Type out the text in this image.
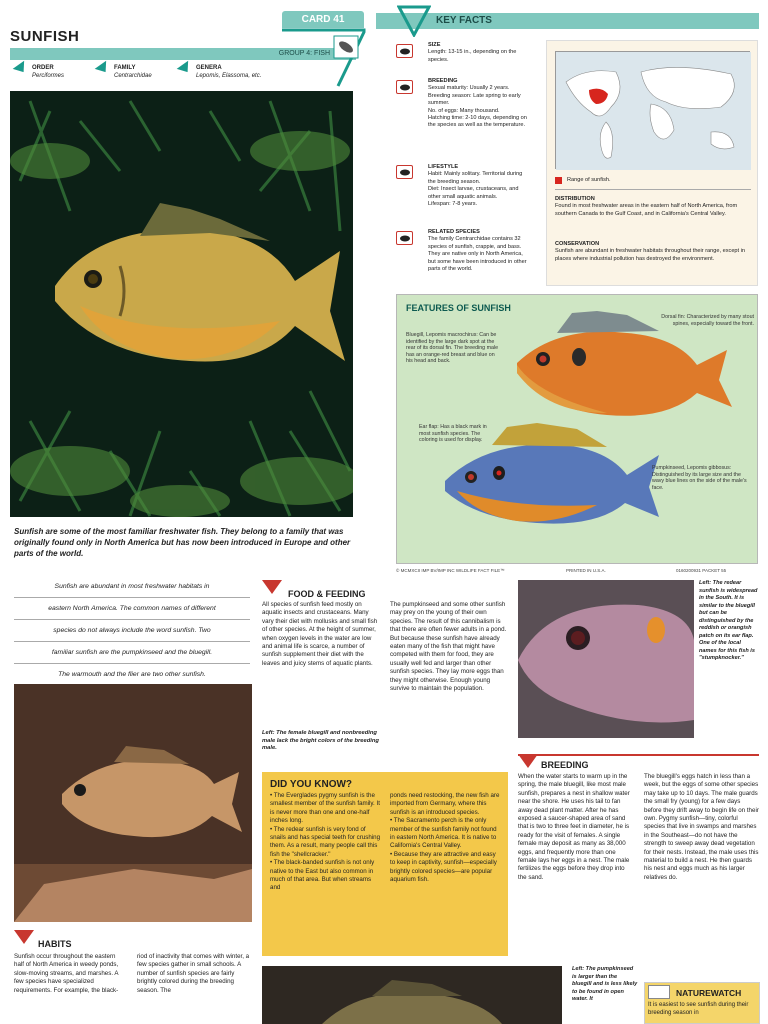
CARD 41
SUNFISH
GROUP 4: FISH
ORDER
Perciformes
FAMILY
Centrarchidae
GENERA
Lepomis, Elassoma, etc.
Sunfish are some of the most familiar freshwater fish. They belong to a family that was originally found only in North America but has now been introduced in Europe and other parts of the world.
KEY FACTS
SIZE
Length: 13-15 in., depending on the species.
BREEDING
Sexual maturity: Usually 2 years.
Breeding season: Late spring to early summer.
No. of eggs: Many thousand.
Hatching time: 2-10 days, depending on the species as well as the temperature.
LIFESTYLE
Habit: Mainly solitary. Territorial during the breeding season.
Diet: Insect larvae, crustaceans, and other small aquatic animals.
Lifespan: 7-8 years.
RELATED SPECIES
The family Centrarchidae contains 32 species of sunfish, crappie, and bass. They are native only in North America, but some have been introduced in other parts of the world.
Range of sunfish.
DISTRIBUTION
Found in most freshwater areas in the eastern half of North America, from southern Canada to the Gulf Coast, and in California's Central Valley.
CONSERVATION
Sunfish are abundant in freshwater habitats throughout their range, except in places where industrial pollution has destroyed the environment.
FEATURES OF SUNFISH
Bluegill, Lepomis macrochirus: Can be identified by the large dark spot at the rear of its dorsal fin. The breeding male has an orange-red breast and blue on his head and back.
Dorsal fin: Characterized by many stout spines, especially toward the front.
Ear flap: Has a black mark in most sunfish species. The coloring is used for display.
Pumpkinseed, Lepomis gibbosus: Distinguished by its large size and the wavy blue lines on the side of the male's face.
© MCMXCII IMP BV/IMP INC WILDLIFE FACT FILE™	PRINTED IN U.S.A.	0160200931 PACKET 55
Sunfish are abundant in most freshwater habitats in
eastern North America. The common names of different
species do not always include the word sunfish. Two
familiar sunfish are the pumpkinseed and the bluegill.
The warmouth and the flier are two other sunfish.
HABITS
Sunfish occur throughout the eastern half of North America in weedy ponds, slow-moving streams, and marshes. A few species have specialized requirements. For example, the black-
riod of inactivity that comes with winter, a few species gather in small schools. A number of sunfish species are fairly brightly colored during the breeding season. The
FOOD & FEEDING
All species of sunfish feed mostly on aquatic insects and crustaceans. Many vary their diet with mollusks and small fish of other species. At the height of summer, when oxygen levels in the water are low and animal life is scarce, a number of sunfish supplement their diet with the leaves and juicy stems of aquatic plants.
Left: The female bluegill and nonbreeding male lack the bright colors of the breeding male.
The pumpkinseed and some other sunfish may prey on the young of their own species. The result of this cannibalism is that there are often fewer adults in a pond. But because these sunfish have already eaten many of the fish that might have competed with them for food, they are usually well fed and larger than other sunfish species. They lay more eggs than they might otherwise. Enough young survive to maintain the population.
Left: The redear sunfish is widespread in the South. It is similar to the bluegill but can be distinguished by the reddish or orangish patch on its ear flap. One of the local names for this fish is "stumpknocker."
DID YOU KNOW?
• The Everglades pygmy sunfish is the smallest member of the sunfish family. It is never more than one and one-half inches long.
• The redear sunfish is very fond of snails and has special teeth for crushing them. As a result, many people call this fish the "shellcracker."
• The black-banded sunfish is not only native to the East but also common in much of that area. But when streams and
ponds need restocking, the new fish are imported from Germany, where this sunfish is an introduced species.
• The Sacramento perch is the only member of the sunfish family not found in eastern North America. It is native to California's Central Valley.
• Because they are attractive and easy to keep in captivity, sunfish—especially brightly colored species—are popular aquarium fish.
BREEDING
When the water starts to warm up in the spring, the male bluegill, like most male sunfish, prepares a nest in shallow water near the shore. He uses his tail to fan away dead plant matter. After he has exposed a saucer-shaped area of sand that is two to three feet in diameter, he is ready for the visit of females. A single female may deposit as many as 38,000 eggs, and frequently more than one female lays her eggs in a nest. The male fertilizes the eggs before they drop into the sand.
The bluegill's eggs hatch in less than a week, but the eggs of some other species may take up to 10 days. The male guards the small fry (young) for a few days before they drift away to begin life on their own. Pygmy sunfish—tiny, colorful species that live in swamps and marshes in the Southeast—do not have the strength to sweep away dead vegetation for their nests. Instead, the male uses this material to build a nest. He then guards his nest and eggs much as his larger relatives do.
Left: The pumpkinseed is larger than the bluegill and is less likely to be found in open water. It
NATUREWATCH
It is easiest to see sunfish during their breeding season in
